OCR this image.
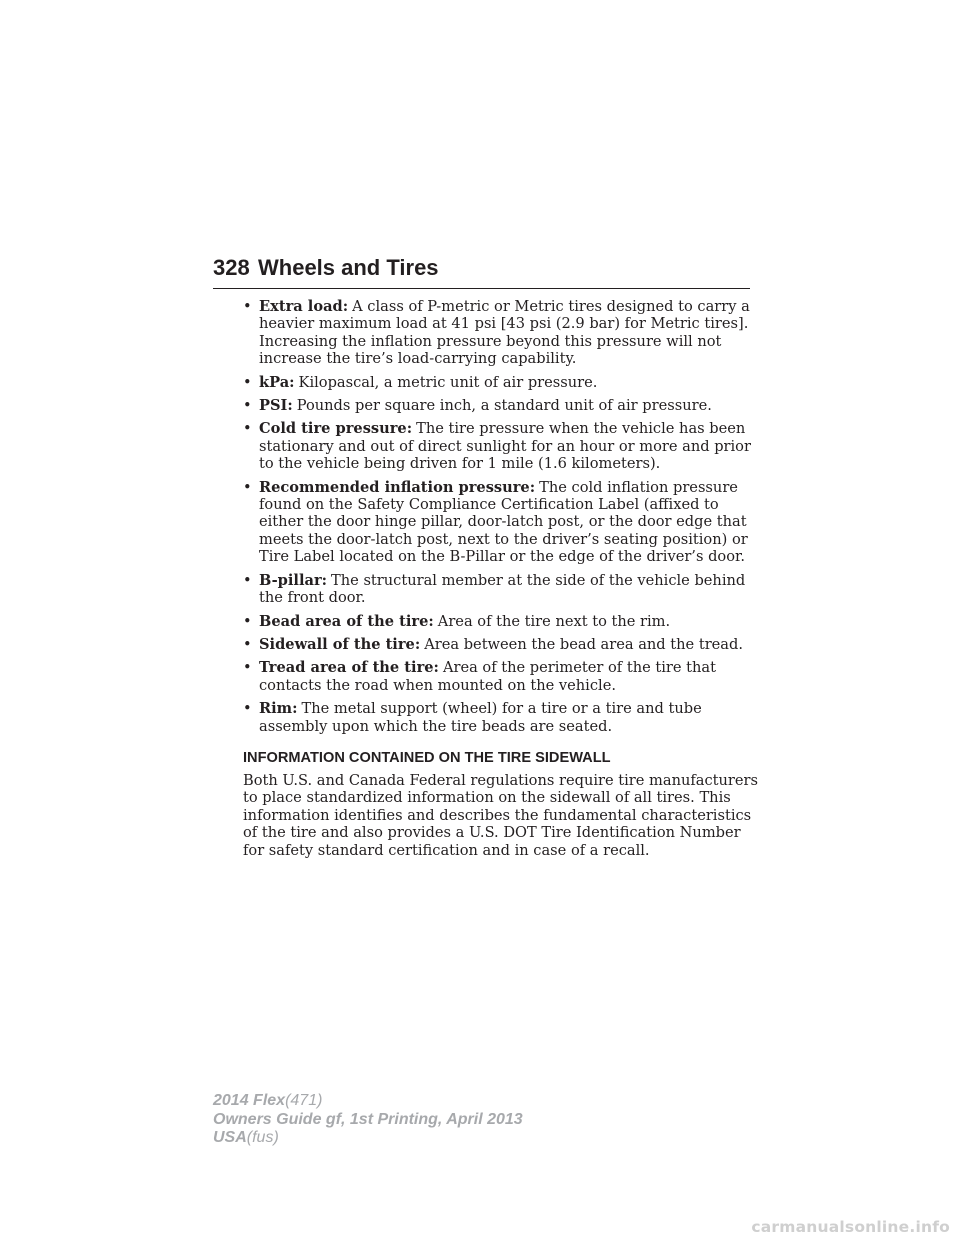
328 Wheels and Tires
• Extra load: A class of P-metric or Metric tires designed to carry a heavier maximum load at 41 psi [43 psi (2.9 bar) for Metric tires]. Increasing the inflation pressure beyond this pressure will not increase the tire’s load-carrying capability.
• kPa: Kilopascal, a metric unit of air pressure.
• PSI: Pounds per square inch, a standard unit of air pressure.
• Cold tire pressure: The tire pressure when the vehicle has been stationary and out of direct sunlight for an hour or more and prior to the vehicle being driven for 1 mile (1.6 kilometers).
• Recommended inflation pressure: The cold inflation pressure found on the Safety Compliance Certification Label (affixed to either the door hinge pillar, door-latch post, or the door edge that meets the door-latch post, next to the driver’s seating position) or Tire Label located on the B-Pillar or the edge of the driver’s door.
• B-pillar: The structural member at the side of the vehicle behind the front door.
• Bead area of the tire: Area of the tire next to the rim.
• Sidewall of the tire: Area between the bead area and the tread.
• Tread area of the tire: Area of the perimeter of the tire that contacts the road when mounted on the vehicle.
• Rim: The metal support (wheel) for a tire or a tire and tube assembly upon which the tire beads are seated.
INFORMATION CONTAINED ON THE TIRE SIDEWALL

Both U.S. and Canada Federal regulations require tire manufacturers to place standardized information on the sidewall of all tires. This information identifies and describes the fundamental characteristics of the tire and also provides a U.S. DOT Tire Identification Number for safety standard certification and in case of a recall.

2014 Flex(471)
Owners Guide gf, 1st Printing, April 2013
USA(fus)
carmanualsonline.info
